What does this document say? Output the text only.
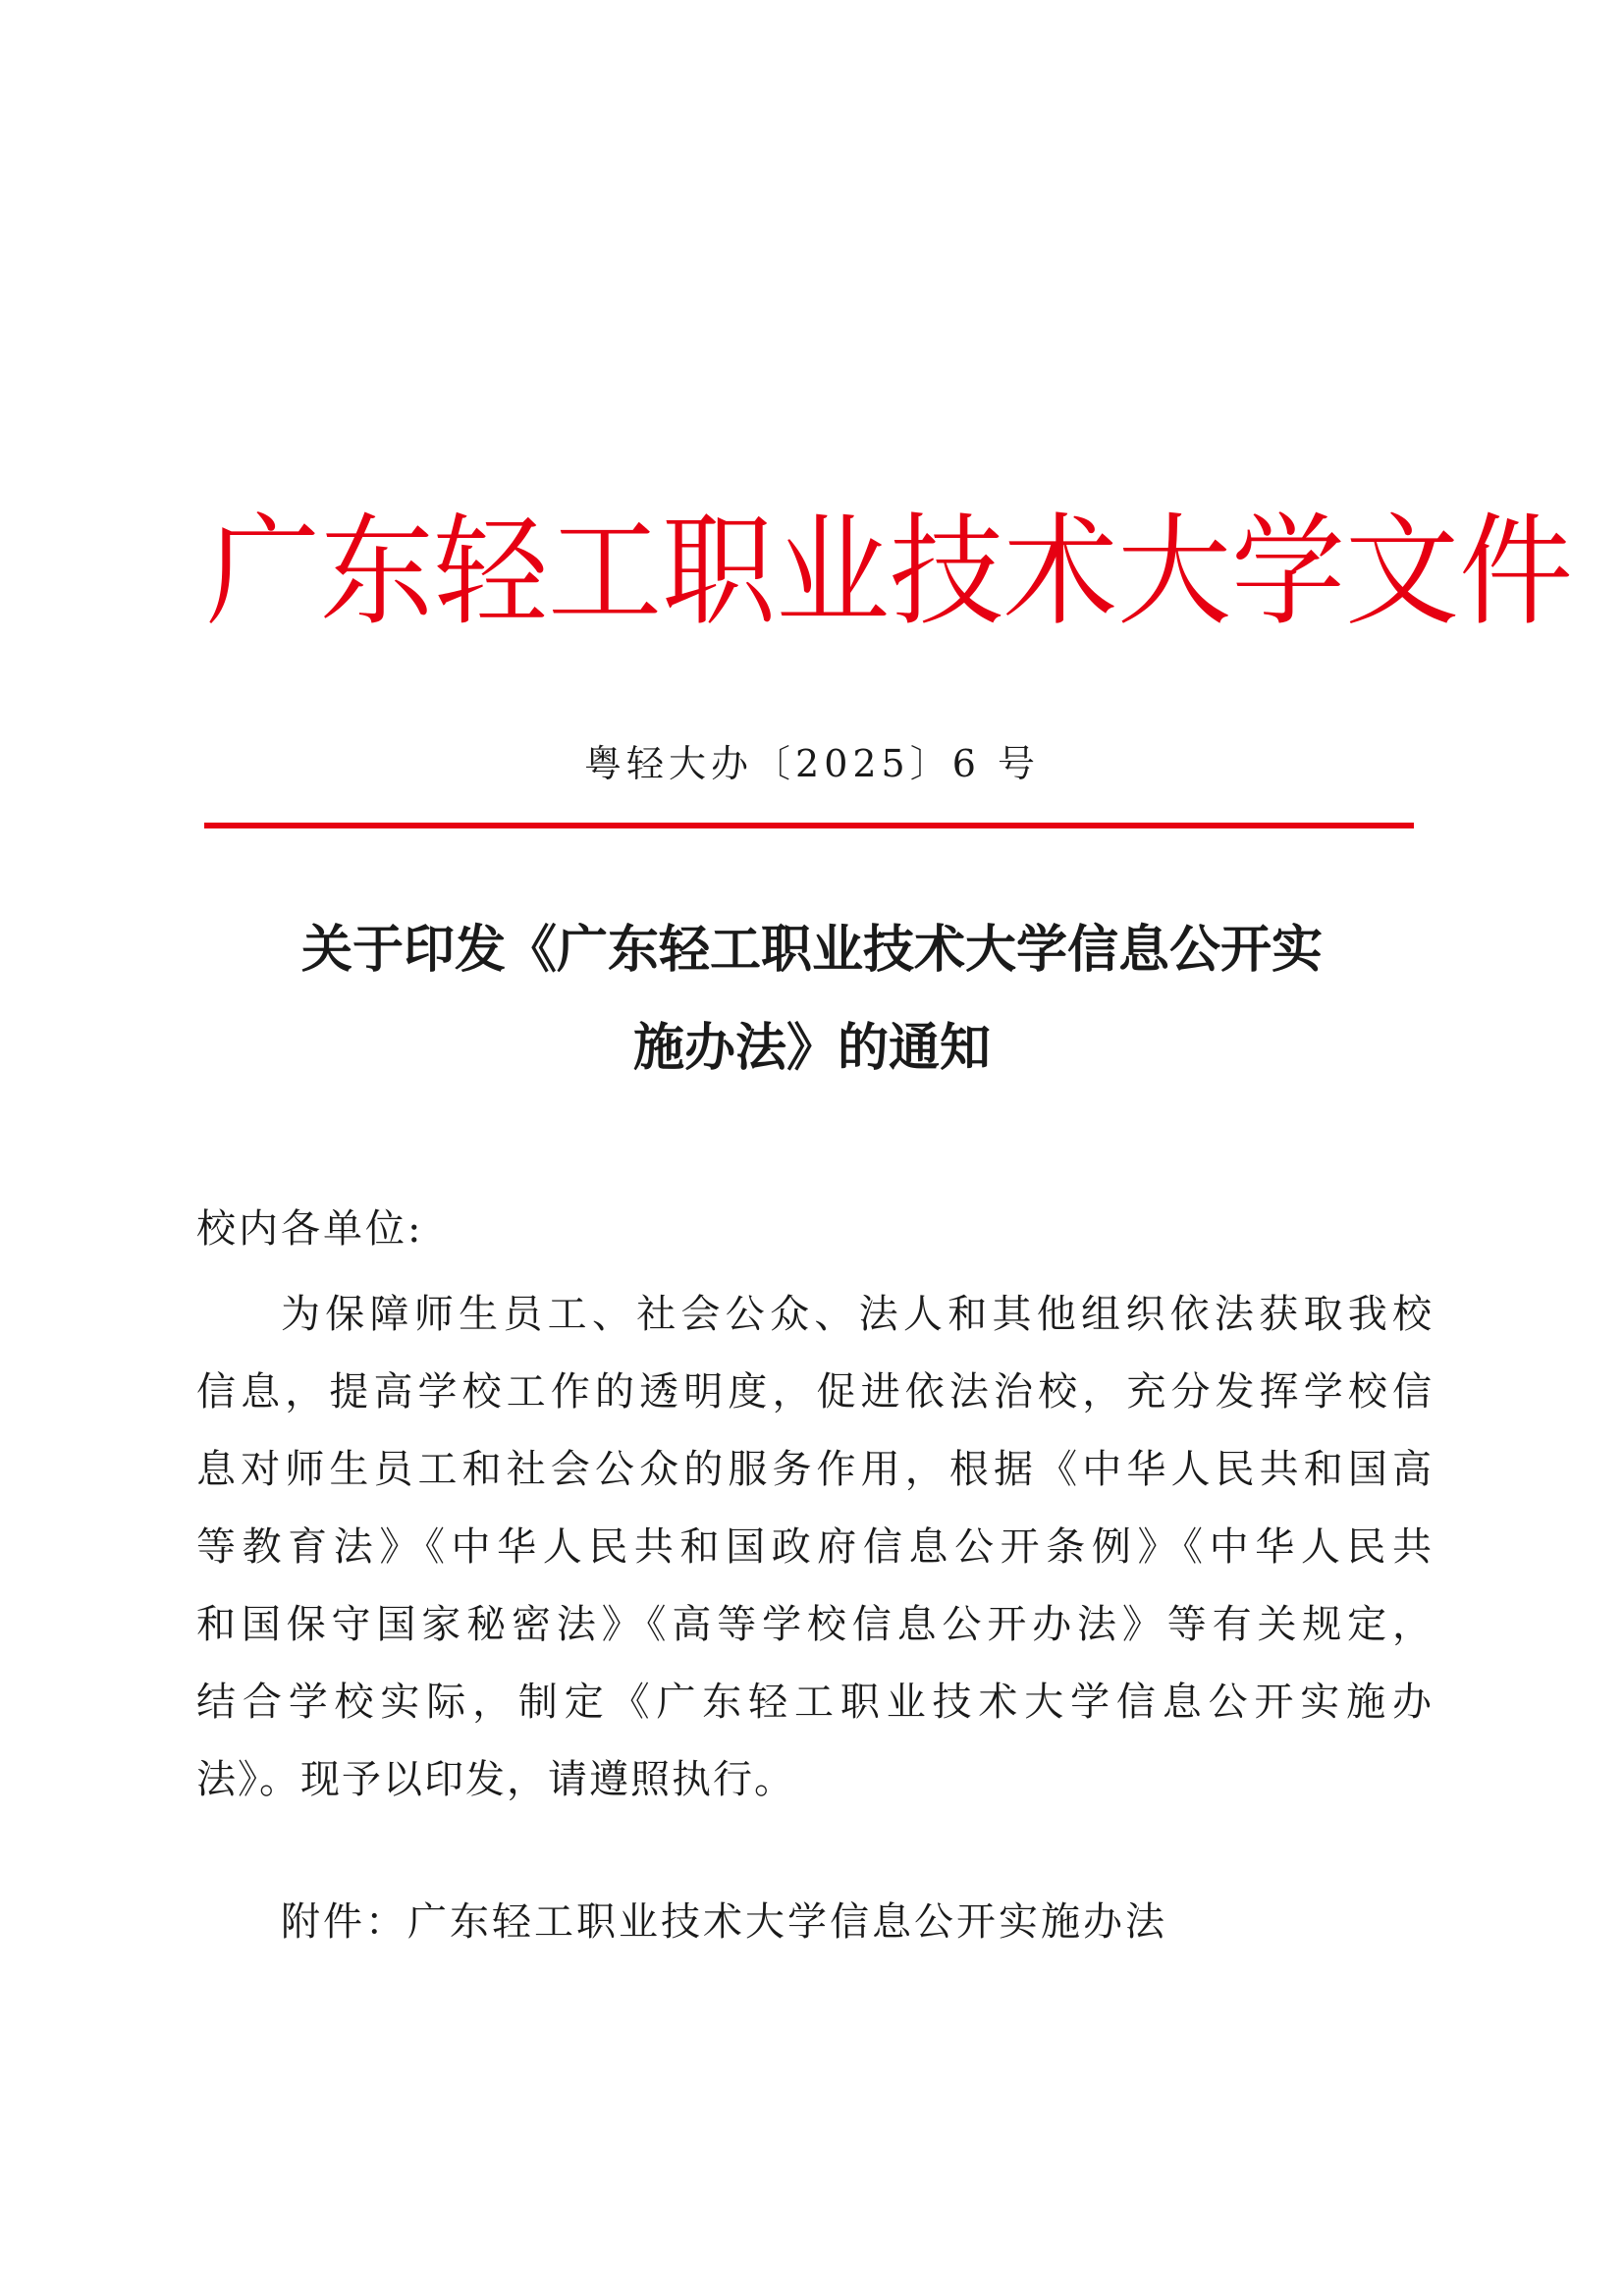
广东轻工职业技术大学文件
粤轻大办〔2025〕6 号
关于印发《广东轻工职业技术大学信息公开实
施办法》的通知
校内各单位:
为保障师生员工、社会公众、法人和其他组织依法获取我校
信息，提高学校工作的透明度，促进依法治校，充分发挥学校信
息对师生员工和社会公众的服务作用，根据《中华人民共和国高
等教育法》《中华人民共和国政府信息公开条例》《中华人民共
和国保守国家秘密法》《高等学校信息公开办法》等有关规定，
结合学校实际，制定《广东轻工职业技术大学信息公开实施办
法》。现予以印发，请遵照执行。
附件：广东轻工职业技术大学信息公开实施办法
